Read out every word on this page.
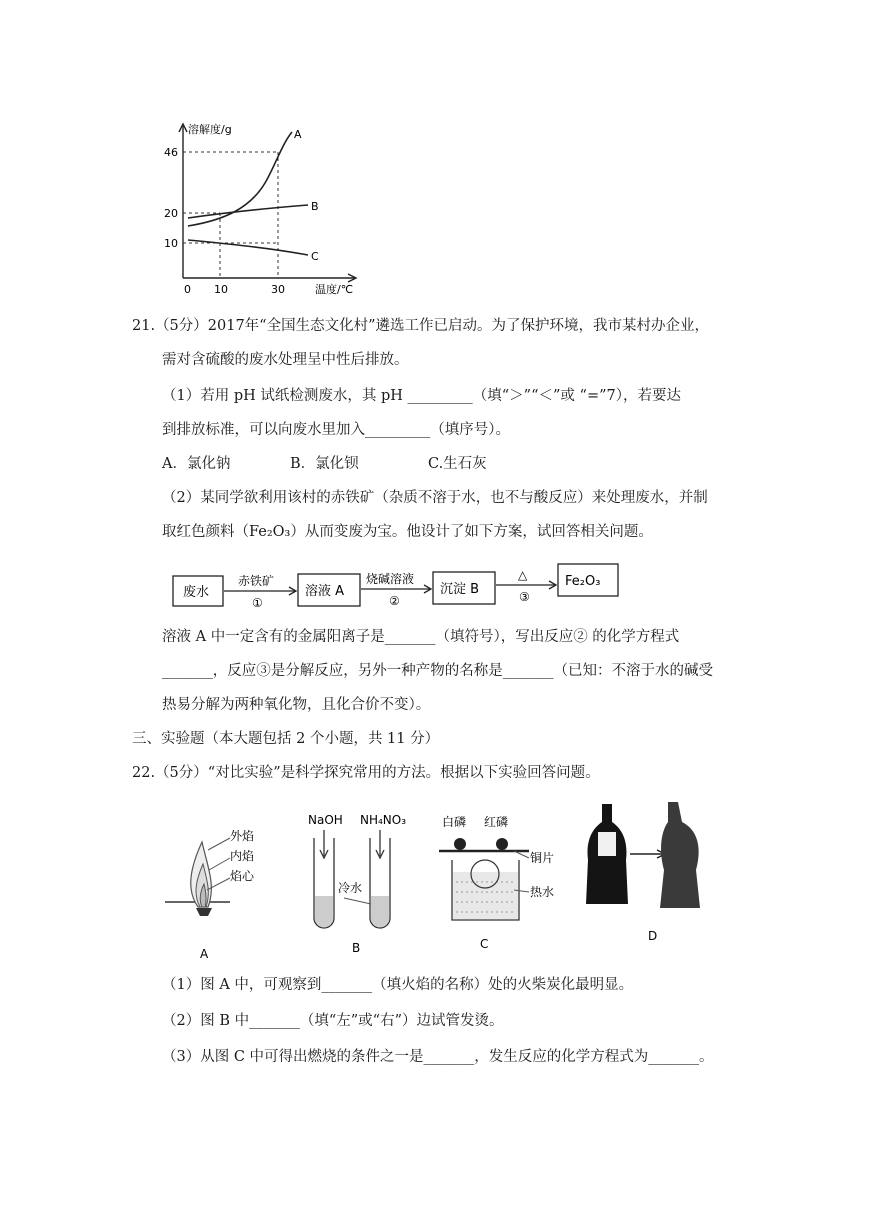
溶解度/g
温度/℃
46
20
10
0 10	30
A
B
C
21.（5分）2017年“全国生态文化村”遴选工作已启动。为了保护环境，我市某村办企业，
需对含硫酸的废水处理呈中性后排放。
（1）若用 pH 试纸检测废水，其 pH _________（填“＞”“＜”或 “=”7），若要达
到排放标准，可以向废水里加入_________（填序号）。
A．氯化钠	B．氯化钡	C.生石灰
（2）某同学欲利用该村的赤铁矿（杂质不溶于水，也不与酸反应）来处理废水，并制
取红色颜料（Fe₂O₃）从而变废为宝。他设计了如下方案，试回答相关问题。
废水	溶液 A	沉淀 B
Fe₂O₃
赤铁矿
①
烧碱溶液
②
△
③
溶液 A 中一定含有的金属阳离子是_______（填符号），写出反应② 的化学方程式
_______，反应③是分解反应，另外一种产物的名称是_______（已知：不溶于水的碱受
热易分解为两种氧化物，且化合价不变）。
三、实验题（本大题包括 2 个小题，共 11 分）
22.（5分）“对比实验”是科学探究常用的方法。根据以下实验回答问题。
外焰
内焰
焰心
A
NaOH NH₄NO₃
冷水
B
白磷 红磷
铜片
热水
C
D
（1）图 A 中，可观察到_______（填火焰的名称）处的火柴炭化最明显。
（2）图 B 中_______（填“左”或“右”）边试管发烫。
（3）从图 C 中可得出燃烧的条件之一是_______，发生反应的化学方程式为_______。
